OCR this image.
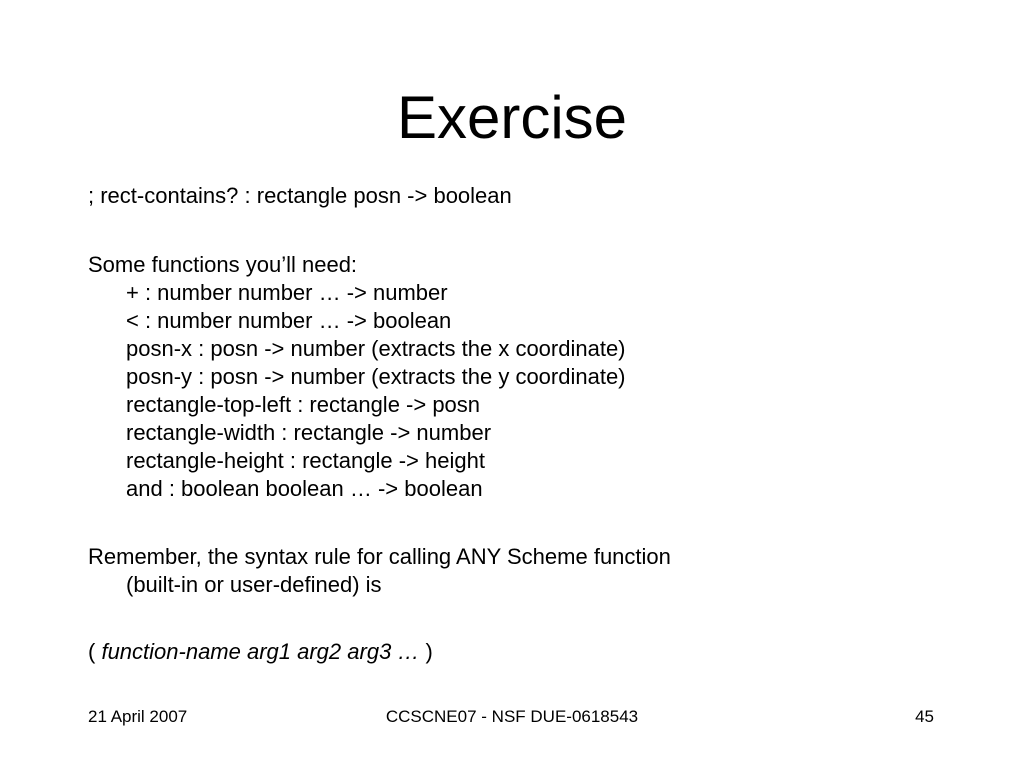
Exercise

; rect-contains? : rectangle posn -> boolean

Some functions you’ll need:

+ : number number … -> number

< : number number … -> boolean

posn-x : posn -> number (extracts the x coordinate)

posn-y : posn -> number (extracts the y coordinate)

rectangle-top-left : rectangle -> posn

rectangle-width : rectangle -> number

rectangle-height : rectangle -> height

and : boolean boolean … -> boolean

Remember, the syntax rule for calling ANY Scheme function

(built-in or user-defined) is

( function-name arg1 arg2 arg3 … )

21 April 2007	CCSCNE07 - NSF DUE-0618543	45
